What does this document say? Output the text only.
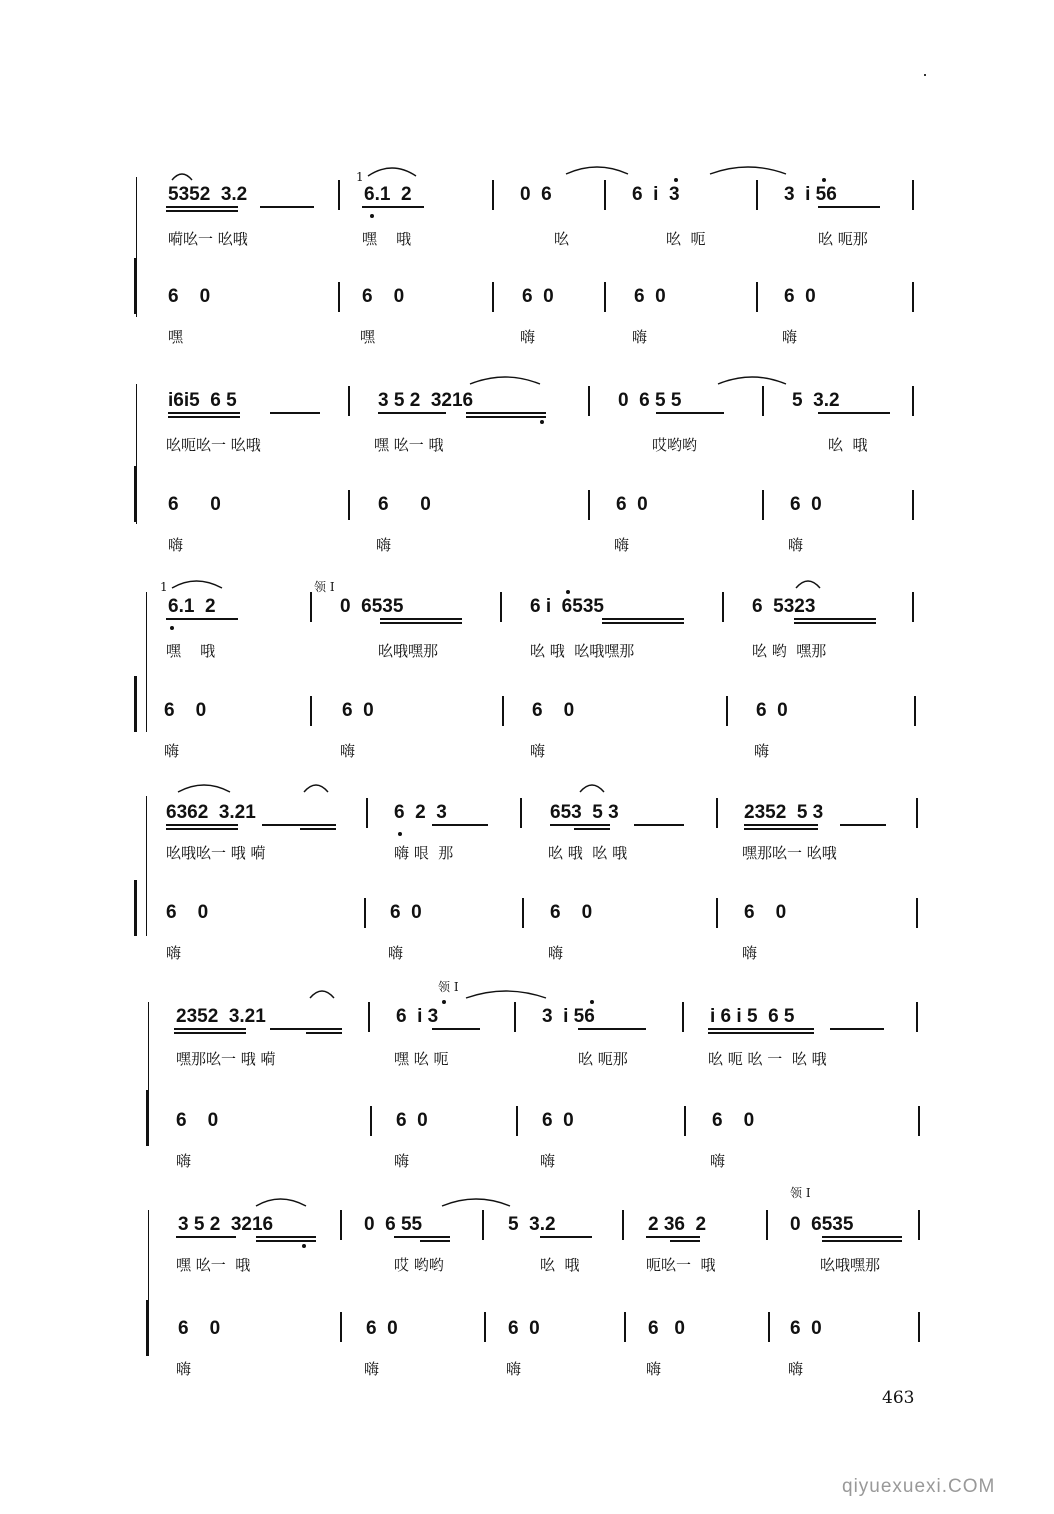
5352  3.2
嗬吆一 吆哦
1
6.1  2
嘿    哦
0  6
吆
6  i  3
吆  呃
3  i 56
吆 呃那
6    0
嘿
6    0
嘿
6  0
嗨
6  0
嗨
6  0
嗨
i6i5  6 5
吆呃吆一 吆哦
3 5 2  3216
嘿 吆一 哦
0  6 5 5
哎哟哟
5  3.2
吆  哦
6      0
嗨
6      0
嗨
6  0
嗨
6  0
嗨
1
6.1  2
嘿    哦
领 I
0  6535
吆哦嘿那
6 i  6535
吆 哦  吆哦嘿那
6  5323
吆 哟  嘿那
6    0
嗨
6  0
嗨
6    0
嗨
6  0
嗨
6362  3.21
吆哦吆一 哦 嗬
6  2  3
嗨 哏  那
653  5 3
吆 哦  吆 哦
2352  5 3
嘿那吆一 吆哦
6    0
嗨
6  0
嗨
6    0
嗨
6    0
嗨
2352  3.21
嘿那吆一 哦 嗬
领 I
6  i 3
嘿 吆 呃
3  i 56
吆 呃那
i 6 i 5  6 5
吆 呃 吆 一  吆 哦
6    0
嗨
6  0
嗨
6  0
嗨
6    0
嗨
3 5 2  3216
嘿 吆一  哦
0  6 55
哎 哟哟
5  3.2
吆  哦
2 36  2
呃吆一  哦
领 I
0  6535
吆哦嘿那
6    0
嗨
6  0
嗨
6  0
嗨
6   0
嗨
6  0
嗨
463
qiyuexuexi.COM
